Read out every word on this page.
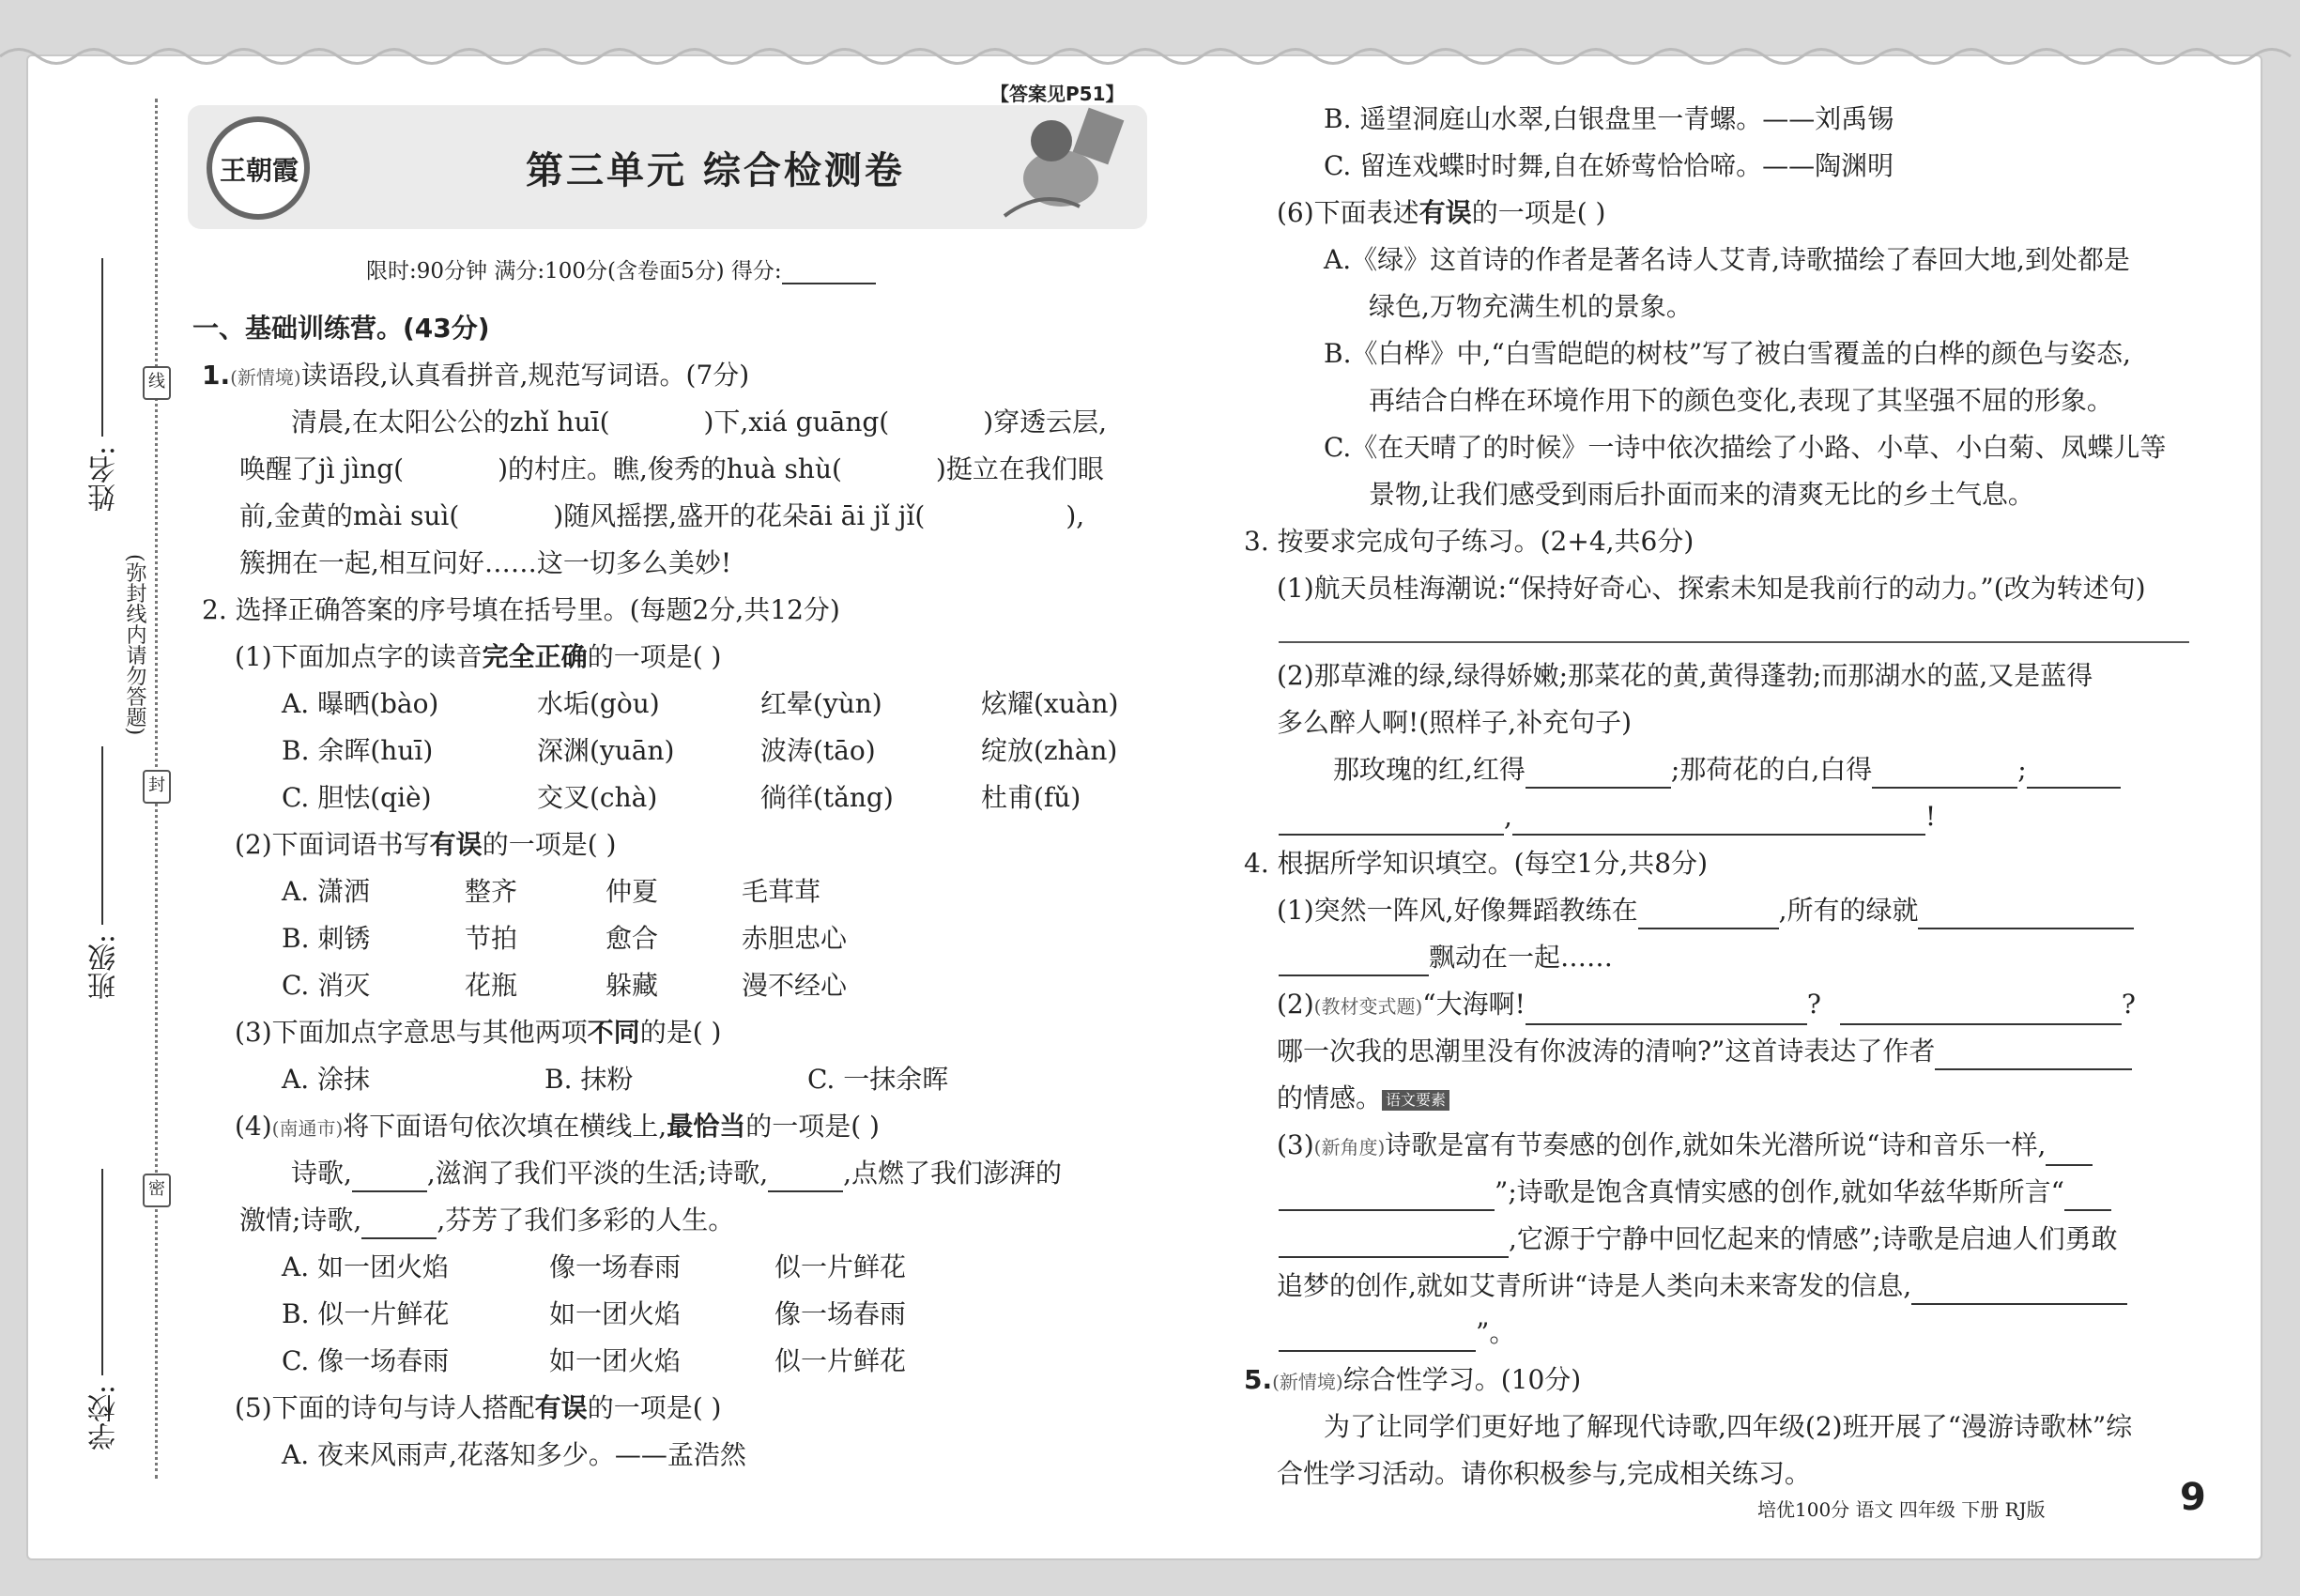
姓名:
班级:
学校:
线
封
密
(弥封线内请勿答题)
王朝霞	第三单元 综合检测卷
【答案见P51】
限时:90分钟 满分:100分(含卷面5分) 得分:
一、基础训练营。(43分)
1.(新情境)读语段,认真看拼音,规范写词语。(7分)
清晨,在太阳公公的zhǐ huī(	)下,xiá guāng(	)穿透云层,
唤醒了jì jìng(	)的村庄。瞧,俊秀的huà shù(	)挺立在我们眼
前,金黄的mài suì(	)随风摇摆,盛开的花朵āi āi jǐ jǐ(	),
簇拥在一起,相互问好……这一切多么美妙!
2. 选择正确答案的序号填在括号里。(每题2分,共12分)
(1)下面加点字的读音完全正确的一项是( )
A. 曝晒(bào)	水垢(gòu)	红晕(yùn)	炫耀(xuàn)
B. 余晖(huī)	深渊(yuān)	波涛(tāo)	绽放(zhàn)
C. 胆怯(qiè)	交叉(chà)	徜徉(tǎng)	杜甫(fǔ)
(2)下面词语书写有误的一项是( )
A. 潇洒	整齐	仲夏	毛茸茸
B. 刺锈	节拍	愈合	赤胆忠心
C. 消灭	花瓶	躲藏	漫不经心
(3)下面加点字意思与其他两项不同的是( )
A. 涂抹	B. 抹粉	C. 一抹余晖
(4)(南通市)将下面语句依次填在横线上,最恰当的一项是( )
诗歌,	,滋润了我们平淡的生活;诗歌,	,点燃了我们澎湃的
激情;诗歌,	,芬芳了我们多彩的人生。
A. 如一团火焰	像一场春雨	似一片鲜花
B. 似一片鲜花	如一团火焰	像一场春雨
C. 像一场春雨	如一团火焰	似一片鲜花
(5)下面的诗句与诗人搭配有误的一项是( )
A. 夜来风雨声,花落知多少。——孟浩然
B. 遥望洞庭山水翠,白银盘里一青螺。——刘禹锡
C. 留连戏蝶时时舞,自在娇莺恰恰啼。——陶渊明
(6)下面表述有误的一项是( )
A.《绿》这首诗的作者是著名诗人艾青,诗歌描绘了春回大地,到处都是
绿色,万物充满生机的景象。
B.《白桦》中,“白雪皑皑的树枝”写了被白雪覆盖的白桦的颜色与姿态,
再结合白桦在环境作用下的颜色变化,表现了其坚强不屈的形象。
C.《在天晴了的时候》一诗中依次描绘了小路、小草、小白菊、凤蝶儿等
景物,让我们感受到雨后扑面而来的清爽无比的乡土气息。
3. 按要求完成句子练习。(2+4,共6分)
(1)航天员桂海潮说:“保持好奇心、探索未知是我前行的动力。”(改为转述句)
(2)那草滩的绿,绿得娇嫩;那菜花的黄,黄得蓬勃;而那湖水的蓝,又是蓝得
多么醉人啊!(照样子,补充句子)
那玫瑰的红,红得	;那荷花的白,白得	;
,	!
4. 根据所学知识填空。(每空1分,共8分)
(1)突然一阵风,好像舞蹈教练在	,所有的绿就
飘动在一起……
(2)(教材变式题)“大海啊!	?	?
哪一次我的思潮里没有你波涛的清响?”这首诗表达了作者
的情感。 语文要素
(3)(新角度)诗歌是富有节奏感的创作,就如朱光潜所说“诗和音乐一样,
”;诗歌是饱含真情实感的创作,就如华兹华斯所言“
,它源于宁静中回忆起来的情感”;诗歌是启迪人们勇敢
追梦的创作,就如艾青所讲“诗是人类向未来寄发的信息,
”。
5.(新情境)综合性学习。(10分)
为了让同学们更好地了解现代诗歌,四年级(2)班开展了“漫游诗歌林”综
合性学习活动。请你积极参与,完成相关练习。
培优100分 语文 四年级 下册 RJ版	9
